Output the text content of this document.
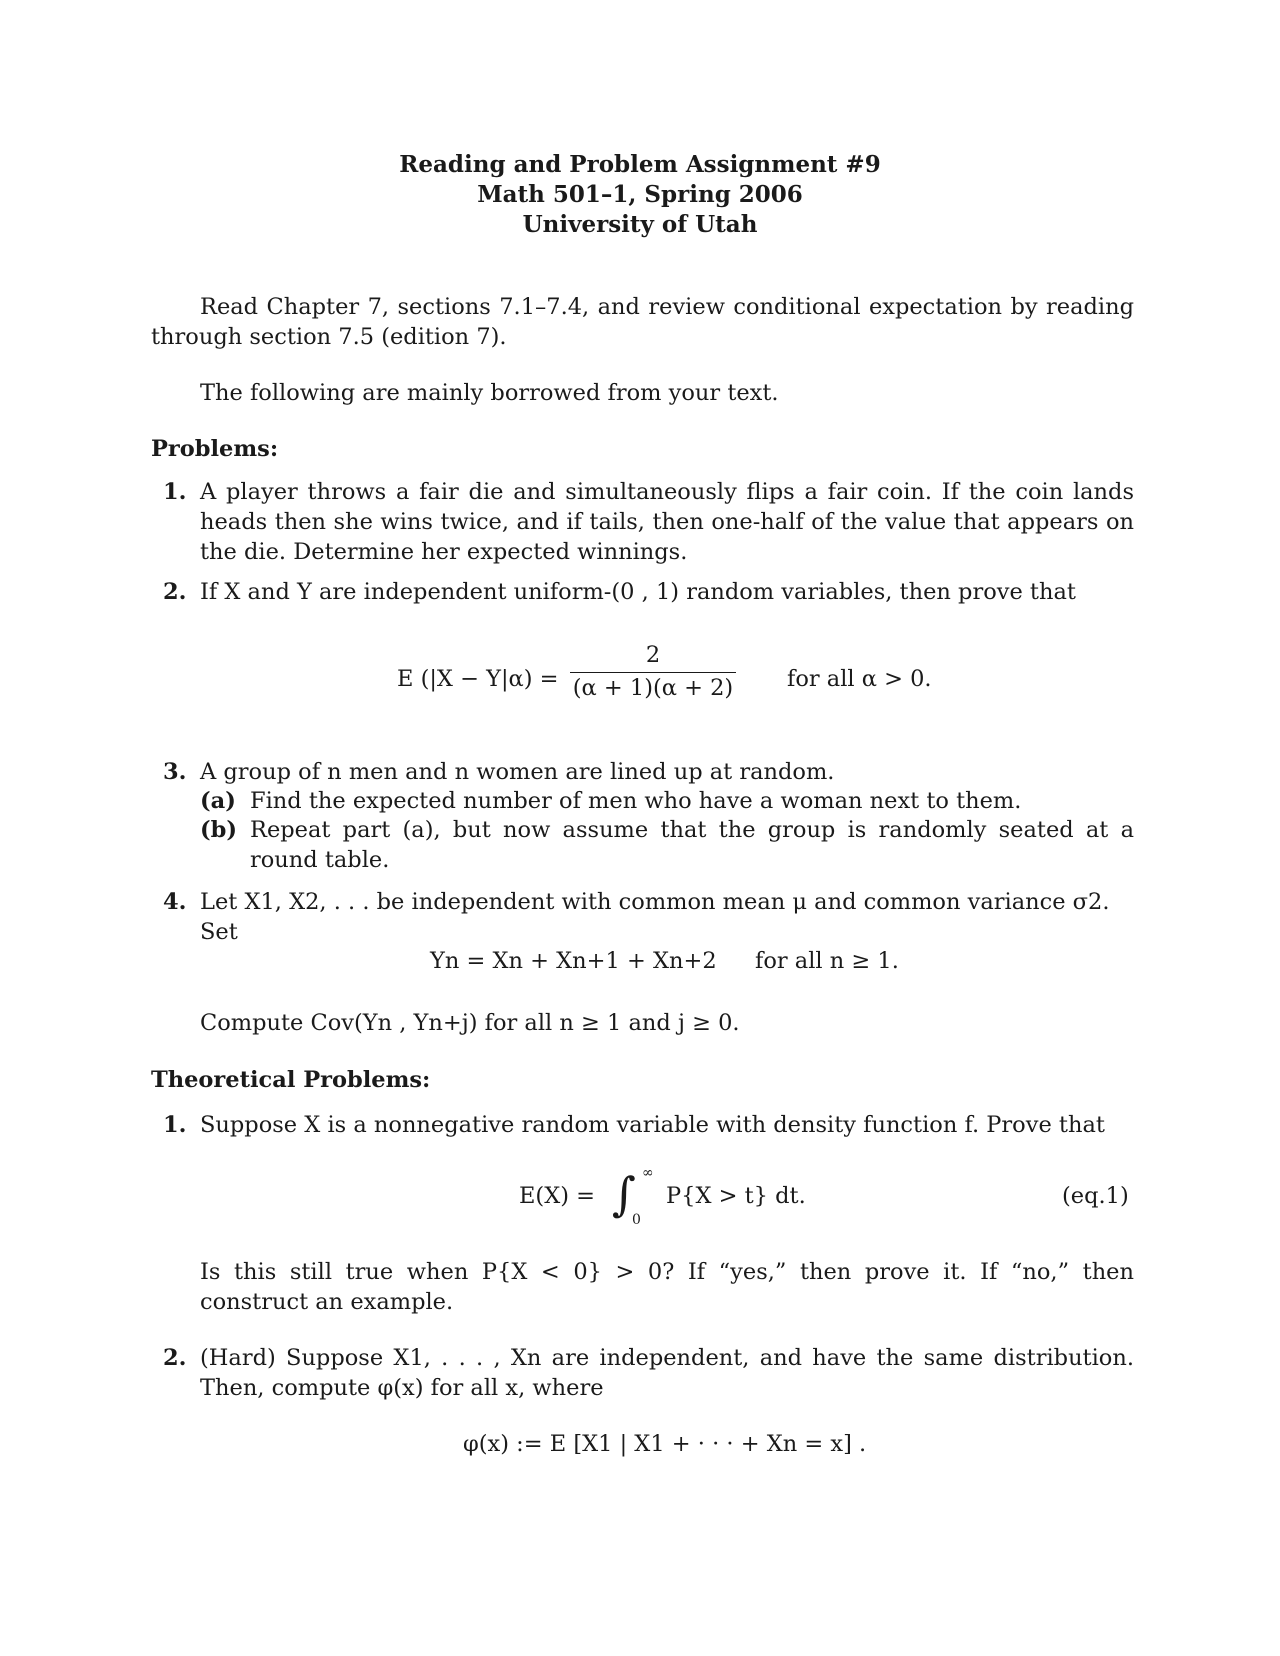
Reading and Problem Assignment #9
Math 501–1, Spring 2006
University of Utah
Read Chapter 7, sections 7.1–7.4, and review conditional expectation by reading through section 7.5 (edition 7).
The following are mainly borrowed from your text.
Problems:
1. A player throws a fair die and simultaneously flips a fair coin. If the coin lands heads then she wins twice, and if tails, then one-half of the value that appears on the die. Determine her expected winnings.
2. If X and Y are independent uniform-(0 , 1) random variables, then prove that
E (|X − Y|α) =
2
(α + 1)(α + 2) for all α > 0.
3. A group of n men and n women are lined up at random.
(a) Find the expected number of men who have a woman next to them.
(b) Repeat part (a), but now assume that the group is randomly seated at a round table.
4. Let X1, X2, . . . be independent with common mean μ and common variance σ2. Set
Yn = Xn + Xn+1 + Xn+2 for all n ≥ 1.
Compute Cov(Yn , Yn+j) for all n ≥ 1 and j ≥ 0.
Theoretical Problems:
1. Suppose X is a nonnegative random variable with density function f. Prove that
E(X) = ∫ ∞
0
P{X > t} dt.	(eq.1)
Is this still true when P{X < 0} > 0? If “yes,” then prove it. If “no,” then construct an example.
2. (Hard) Suppose X1, . . . , Xn are independent, and have the same distribution. Then, compute φ(x) for all x, where
φ(x) := E [X1 | X1 + · · · + Xn = x] .
